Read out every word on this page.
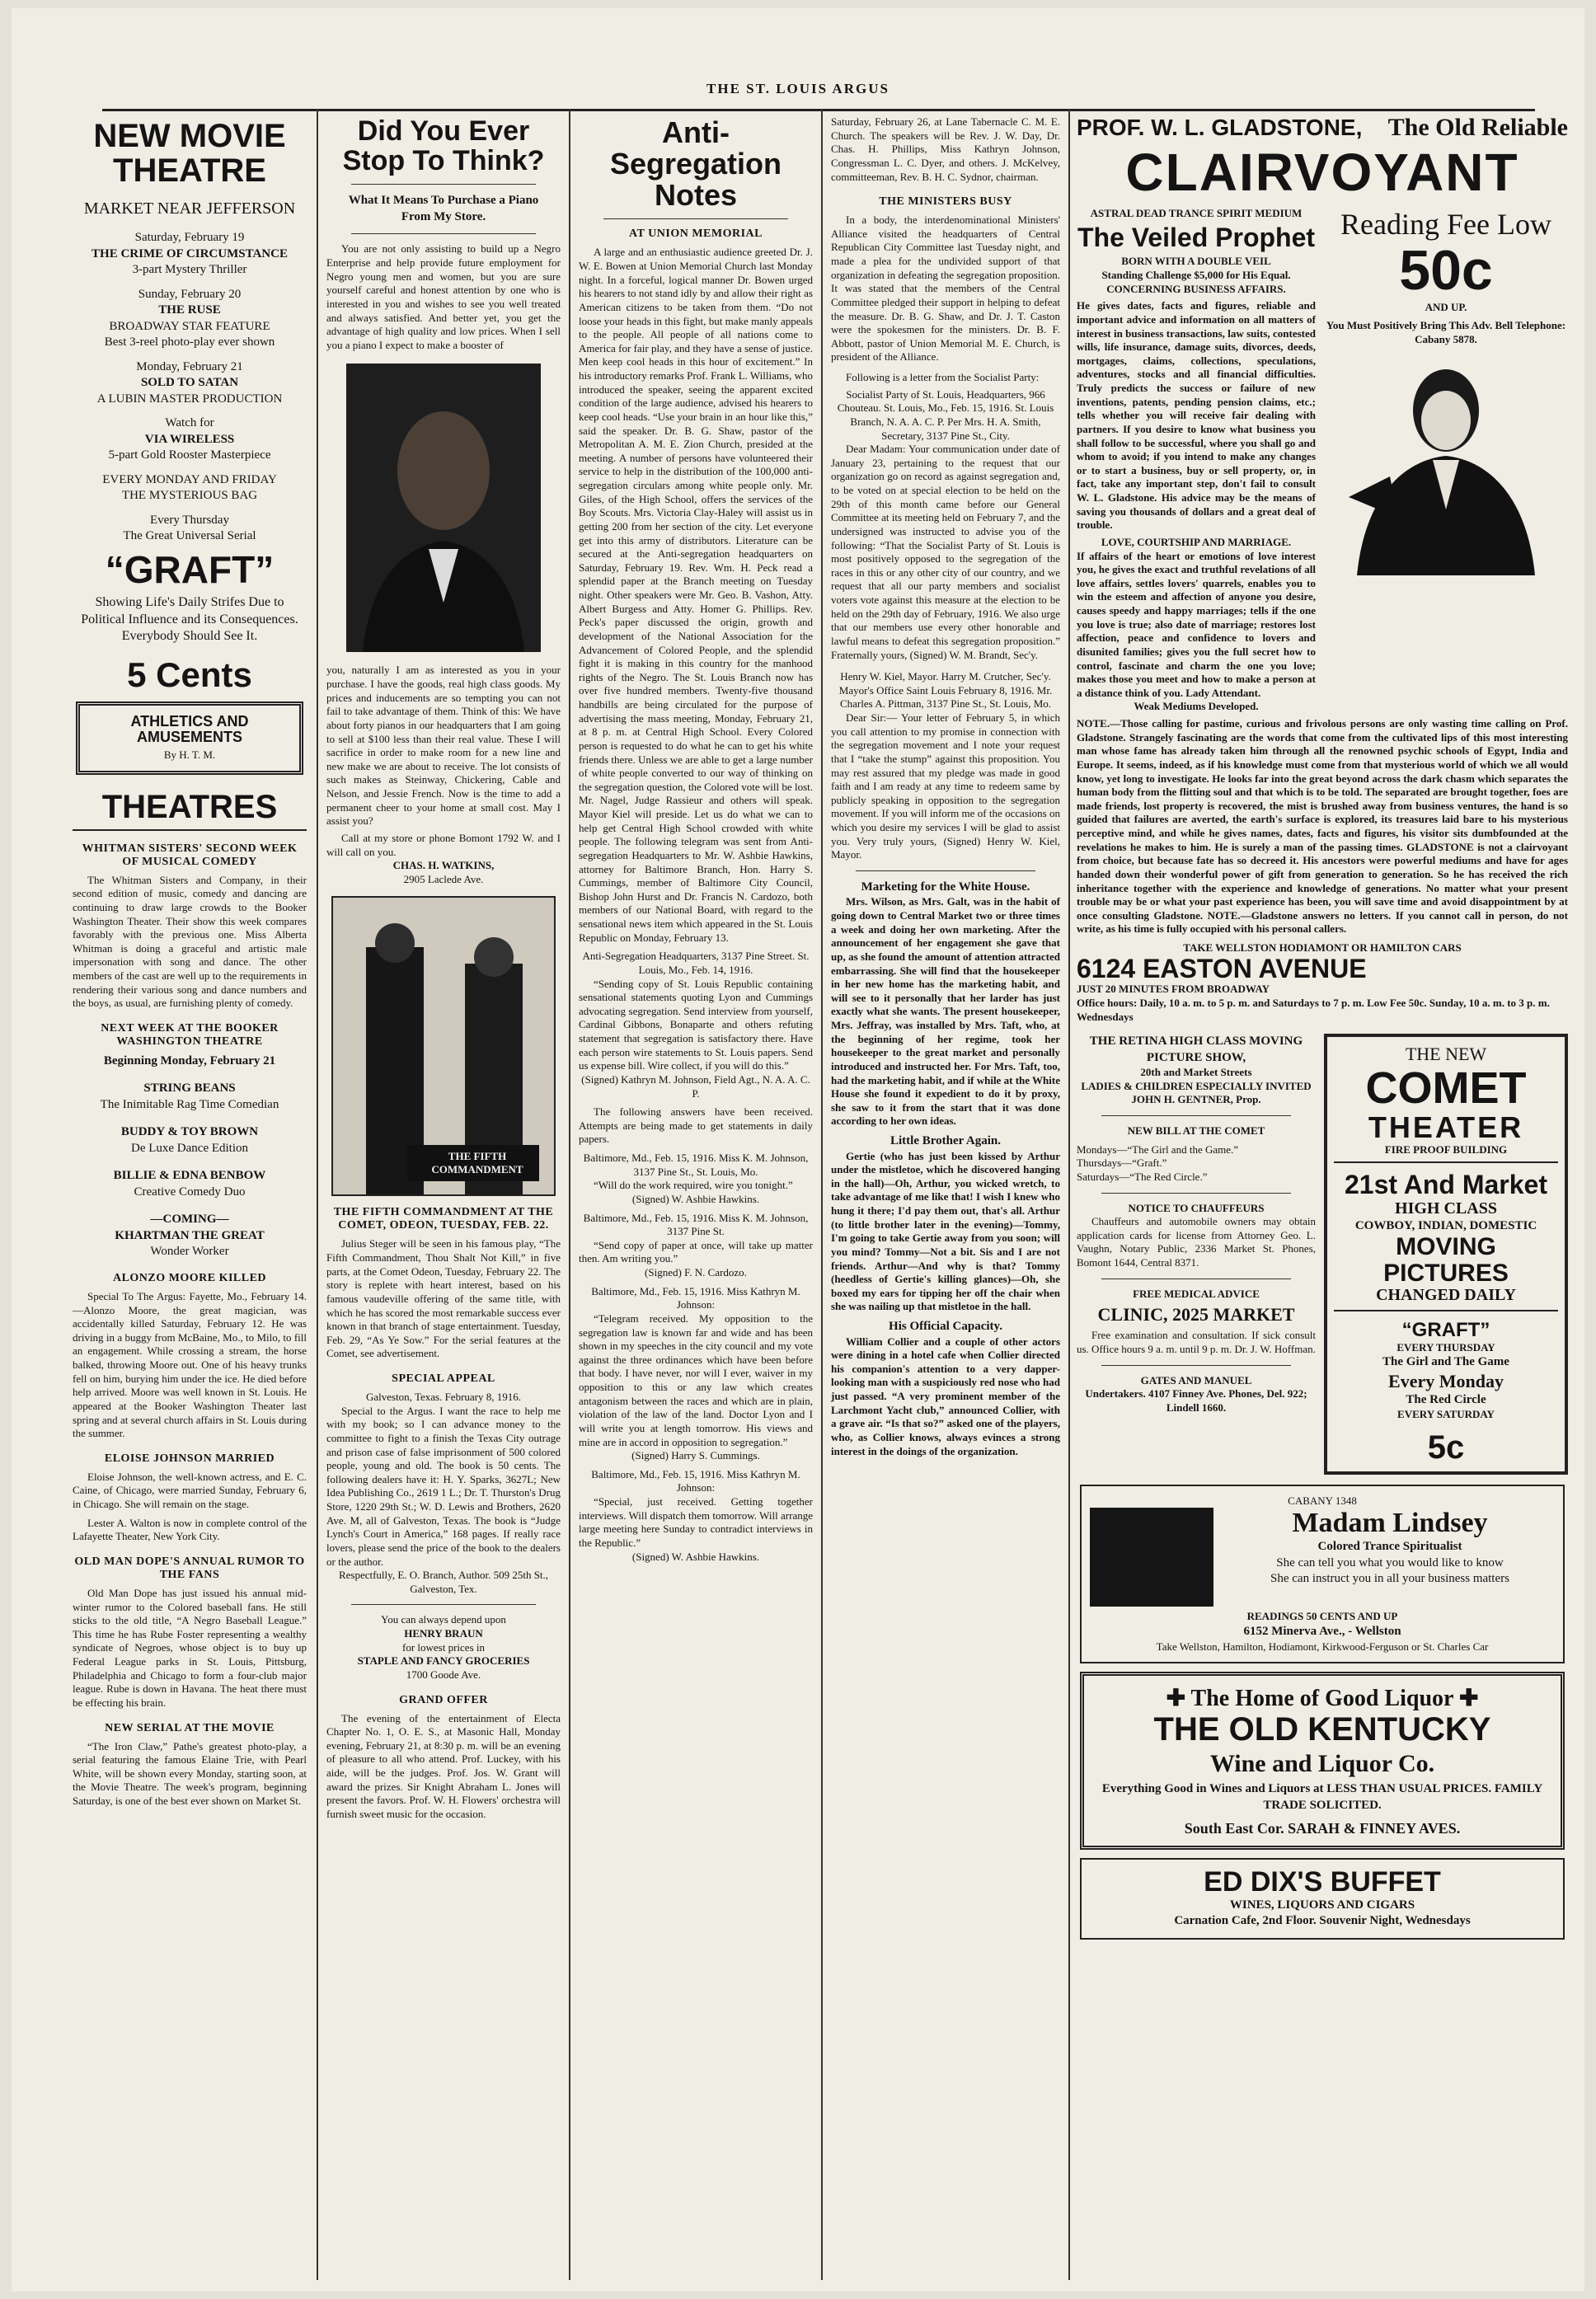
THE ST. LOUIS ARGUS
NEW MOVIE THEATRE
MARKET NEAR JEFFERSON
Saturday, February 19
THE CRIME OF CIRCUMSTANCE
3-part Mystery Thriller
Sunday, February 20
THE RUSE
BROADWAY STAR FEATURE
Best 3-reel photo-play ever shown
Monday, February 21
SOLD TO SATAN
A LUBIN MASTER PRODUCTION
Watch for
VIA WIRELESS
5-part Gold Rooster Masterpiece
EVERY MONDAY AND FRIDAY
THE MYSTERIOUS BAG
Every Thursday
The Great Universal Serial
“GRAFT”
Showing Life's Daily Strifes Due to Political Influence and its Consequences. Everybody Should See It.
5 Cents
ATHLETICS AND AMUSEMENTS
By H. T. M.
THEATRES
WHITMAN SISTERS' SECOND WEEK OF MUSICAL COMEDY
The Whitman Sisters and Company, in their second edition of music, comedy and dancing are continuing to draw large crowds to the Booker Washington Theater. Their show this week compares favorably with the previous one. Miss Alberta Whitman is doing a graceful and artistic male impersonation with song and dance. The other members of the cast are well up to the requirements in rendering their various song and dance numbers and the boys, as usual, are furnishing plenty of comedy.
NEXT WEEK AT THE BOOKER WASHINGTON THEATRE
Beginning Monday, February 21
STRING BEANS
The Inimitable Rag Time Comedian
BUDDY & TOY BROWN
De Luxe Dance Edition
BILLIE & EDNA BENBOW
Creative Comedy Duo
—COMING—
KHARTMAN THE GREAT
Wonder Worker
ALONZO MOORE KILLED
Special To The Argus: Fayette, Mo., February 14.—Alonzo Moore, the great magician, was accidentally killed Saturday, February 12. He was driving in a buggy from McBaine, Mo., to Milo, to fill an engagement. While crossing a stream, the horse balked, throwing Moore out. One of his heavy trunks fell on him, burying him under the ice. He died before help arrived. Moore was well known in St. Louis. He appeared at the Booker Washington Theater last spring and at several church affairs in St. Louis during the summer.
ELOISE JOHNSON MARRIED
Eloise Johnson, the well-known actress, and E. C. Caine, of Chicago, were married Sunday, February 6, in Chicago. She will remain on the stage.
Lester A. Walton is now in complete control of the Lafayette Theater, New York City.
OLD MAN DOPE'S ANNUAL RUMOR TO THE FANS
Old Man Dope has just issued his annual mid-winter rumor to the Colored baseball fans. He still sticks to the old title, “A Negro Baseball League.” This time he has Rube Foster representing a wealthy syndicate of Negroes, whose object is to buy up Federal League parks in St. Louis, Pittsburg, Philadelphia and Chicago to form a four-club major league. Rube is down in Havana. The heat there must be effecting his brain.
NEW SERIAL AT THE MOVIE
“The Iron Claw,” Pathe's greatest photo-play, a serial featuring the famous Elaine Trie, with Pearl White, will be shown every Monday, starting soon, at the Movie Theatre. The week's program, beginning Saturday, is one of the best ever shown on Market St.
Did You Ever Stop To Think?
What It Means To Purchase a Piano From My Store.
You are not only assisting to build up a Negro Enterprise and help provide future employment for Negro young men and women, but you are sure yourself careful and honest attention by one who is interested in you and wishes to see you well treated and always satisfied. And better yet, you get the advantage of high quality and low prices. When I sell you a piano I expect to make a booster of
you, naturally I am as interested as you in your purchase. I have the goods, real high class goods. My prices and inducements are so tempting you can not fail to take advantage of them. Think of this: We have about forty pianos in our headquarters that I am going to sell at $100 less than their real value. These I will sacrifice in order to make room for a new line and new make we are about to receive. The lot consists of such makes as Steinway, Chickering, Cable and Nelson, and Jessie French. Now is the time to add a permanent cheer to your home at small cost. May I assist you?
Call at my store or phone Bomont 1792 W. and I will call on you.
CHAS. H. WATKINS,
2905 Laclede Ave.
THE FIFTH COMMANDMENT
THE FIFTH COMMANDMENT AT THE COMET, ODEON, TUESDAY, FEB. 22.
Julius Steger will be seen in his famous play, “The Fifth Commandment, Thou Shalt Not Kill,” in five parts, at the Comet Odeon, Tuesday, February 22. The story is replete with heart interest, based on his famous vaudeville offering of the same title, with which he has scored the most remarkable success ever known in that branch of stage entertainment. Tuesday, Feb. 29, “As Ye Sow.” For the serial features at the Comet, see advertisement.
SPECIAL APPEAL
Galveston, Texas. February 8, 1916.
Special to the Argus. I want the race to help me with my book; so I can advance money to the committee to fight to a finish the Texas City outrage and prison case of false imprisonment of 500 colored people, young and old. The book is 50 cents. The following dealers have it: H. Y. Sparks, 3627L; New Idea Publishing Co., 2619 1 L.; Dr. T. Thurston's Drug Store, 1220 29th St.; W. D. Lewis and Brothers, 2620 Ave. M, all of Galveston, Texas. The book is “Judge Lynch's Court in America,” 168 pages. If really race lovers, please send the price of the book to the dealers or the author.
Respectfully, E. O. Branch, Author. 509 25th St., Galveston, Tex.
You can always depend upon
HENRY BRAUN
for lowest prices in
STAPLE AND FANCY GROCERIES
1700 Goode Ave.
GRAND OFFER
The evening of the entertainment of Electa Chapter No. 1, O. E. S., at Masonic Hall, Monday evening, February 21, at 8:30 p. m. will be an evening of pleasure to all who attend. Prof. Luckey, with his aide, will be the judges. Prof. Jos. W. Grant will award the prizes. Sir Knight Abraham L. Jones will present the favors. Prof. W. H. Flowers' orchestra will furnish sweet music for the occasion.
Anti-Segregation Notes
AT UNION MEMORIAL
A large and an enthusiastic audience greeted Dr. J. W. E. Bowen at Union Memorial Church last Monday night. In a forceful, logical manner Dr. Bowen urged his hearers to not stand idly by and allow their right as American citizens to be taken from them. “Do not loose your heads in this fight, but make manly appeals to the people. All people of all nations come to America for fair play, and they have a sense of justice. Men keep cool heads in this hour of excitement.” In his introductory remarks Prof. Frank L. Williams, who introduced the speaker, seeing the apparent excited condition of the large audience, advised his hearers to keep cool heads. “Use your brain in an hour like this,” said the speaker. Dr. B. G. Shaw, pastor of the Metropolitan A. M. E. Zion Church, presided at the meeting. A number of persons have volunteered their service to help in the distribution of the 100,000 anti-segregation circulars among white people only. Mr. Giles, of the High School, offers the services of the Boy Scouts. Mrs. Victoria Clay-Haley will assist us in getting 200 from her section of the city. Let everyone get into this army of distributors. Literature can be secured at the Anti-segregation headquarters on Saturday, February 19. Rev. Wm. H. Peck read a splendid paper at the Branch meeting on Tuesday night. Other speakers were Mr. Geo. B. Vashon, Atty. Albert Burgess and Atty. Homer G. Phillips. Rev. Peck's paper discussed the origin, growth and development of the National Association for the Advancement of Colored People, and the splendid fight it is making in this country for the manhood rights of the Negro. The St. Louis Branch now has over five hundred members. Twenty-five thousand handbills are being circulated for the purpose of advertising the mass meeting, Monday, February 21, at 8 p. m. at Central High School. Every Colored person is requested to do what he can to get his white friends there. Unless we are able to get a large number of white people converted to our way of thinking on the segregation question, the Colored vote will be lost. Mr. Nagel, Judge Rassieur and others will speak. Mayor Kiel will preside. Let us do what we can to help get Central High School crowded with white people. The following telegram was sent from Anti-segregation Headquarters to Mr. W. Ashbie Hawkins, attorney for Baltimore Branch, Hon. Harry S. Cummings, member of Baltimore City Council, Bishop John Hurst and Dr. Francis N. Cardozo, both members of our National Board, with regard to the sensational news item which appeared in the St. Louis Republic on Monday, February 13.
Anti-Segregation Headquarters, 3137 Pine Street. St. Louis, Mo., Feb. 14, 1916.
“Sending copy of St. Louis Republic containing sensational statements quoting Lyon and Cummings advocating segregation. Send interview from yourself, Cardinal Gibbons, Bonaparte and others refuting statement that segregation is satisfactory there. Have each person wire statements to St. Louis papers. Send us expense bill. Wire collect, if you will do this.”
(Signed) Kathryn M. Johnson, Field Agt., N. A. A. C. P.
The following answers have been received. Attempts are being made to get statements in daily papers.
Baltimore, Md., Feb. 15, 1916. Miss K. M. Johnson, 3137 Pine St., St. Louis, Mo.
“Will do the work required, wire you tonight.”
(Signed) W. Ashbie Hawkins.
Baltimore, Md., Feb. 15, 1916. Miss K. M. Johnson, 3137 Pine St.
“Send copy of paper at once, will take up matter then. Am writing you.”
(Signed) F. N. Cardozo.
Baltimore, Md., Feb. 15, 1916. Miss Kathryn M. Johnson:
“Telegram received. My opposition to the segregation law is known far and wide and has been shown in my speeches in the city council and my vote against the three ordinances which have been before that body. I have never, nor will I ever, waiver in my opposition to this or any law which creates antagonism between the races and which are in plain, violation of the law of the land. Doctor Lyon and I will write you at length tomorrow. His views and mine are in accord in opposition to segregation.”
(Signed) Harry S. Cummings.
Baltimore, Md., Feb. 15, 1916. Miss Kathryn M. Johnson:
“Special, just received. Getting together interviews. Will dispatch them tomorrow. Will arrange large meeting here Sunday to contradict interviews in the Republic.”
(Signed) W. Ashbie Hawkins.
Saturday, February 26, at Lane Tabernacle C. M. E. Church. The speakers will be Rev. J. W. Day, Dr. Chas. H. Phillips, Miss Kathryn Johnson, Congressman L. C. Dyer, and others. J. McKelvey, committeeman, Rev. B. H. C. Sydnor, chairman.
THE MINISTERS BUSY
In a body, the interdenominational Ministers' Alliance visited the headquarters of Central Republican City Committee last Tuesday night, and made a plea for the undivided support of that organization in defeating the segregation proposition. It was stated that the members of the Central Committee pledged their support in helping to defeat the measure. Dr. B. G. Shaw, and Dr. J. T. Caston were the spokesmen for the ministers. Dr. B. F. Abbott, pastor of Union Memorial M. E. Church, is president of the Alliance.
Following is a letter from the Socialist Party:
Socialist Party of St. Louis, Headquarters, 966 Chouteau. St. Louis, Mo., Feb. 15, 1916. St. Louis Branch, N. A. A. C. P. Per Mrs. H. A. Smith, Secretary, 3137 Pine St., City.
Dear Madam: Your communication under date of January 23, pertaining to the request that our organization go on record as against segregation and, to be voted on at special election to be held on the 29th of this month came before our General Committee at its meeting held on February 7, and the undersigned was instructed to advise you of the following: “That the Socialist Party of St. Louis is most positively opposed to the segregation of the races in this or any other city of our country, and we request that all our party members and socialist voters vote against this measure at the election to be held on the 29th day of February, 1916. We also urge that our members use every other honorable and lawful means to defeat this segregation proposition.” Fraternally yours, (Signed) W. M. Brandt, Sec'y.
Henry W. Kiel, Mayor. Harry M. Crutcher, Sec'y. Mayor's Office Saint Louis February 8, 1916. Mr. Charles A. Pittman, 3137 Pine St., St. Louis, Mo.
Dear Sir:— Your letter of February 5, in which you call attention to my promise in connection with the segregation movement and I note your request that I “take the stump” against this proposition. You may rest assured that my pledge was made in good faith and I am ready at any time to redeem same by publicly speaking in opposition to the segregation movement. If you will inform me of the occasions on which you desire my services I will be glad to assist you. Very truly yours, (Signed) Henry W. Kiel, Mayor.
Marketing for the White House.
Mrs. Wilson, as Mrs. Galt, was in the habit of going down to Central Market two or three times a week and doing her own marketing. After the announcement of her engagement she gave that up, as she found the amount of attention attracted embarrassing. She will find that the housekeeper in her new home has the marketing habit, and will see to it personally that her larder has just exactly what she wants. The present housekeeper, Mrs. Jeffray, was installed by Mrs. Taft, who, at the beginning of her regime, took her housekeeper to the great market and personally introduced and instructed her. For Mrs. Taft, too, had the marketing habit, and if while at the White House she found it expedient to do it by proxy, she saw to it from the start that it was done according to her own ideas.
Little Brother Again.
Gertie (who has just been kissed by Arthur under the mistletoe, which he discovered hanging in the hall)—Oh, Arthur, you wicked wretch, to take advantage of me like that! I wish I knew who hung it there; I'd pay them out, that's all. Arthur (to little brother later in the evening)—Tommy, I'm going to take Gertie away from you soon; will you mind? Tommy—Not a bit. Sis and I are not friends. Arthur—And why is that? Tommy (heedless of Gertie's killing glances)—Oh, she boxed my ears for tipping her off the chair when she was nailing up that mistletoe in the hall.
His Official Capacity.
William Collier and a couple of other actors were dining in a hotel cafe when Collier directed his companion's attention to a very dapper-looking man with a suspiciously red nose who had just passed. “A very prominent member of the Larchmont Yacht club,” announced Collier, with a grave air. “Is that so?” asked one of the players, who, as Collier knows, always evinces a strong interest in the doings of the organization.
PROF. W. L. GLADSTONE, The Old Reliable
CLAIRVOYANT
ASTRAL DEAD TRANCE SPIRIT MEDIUM
The Veiled Prophet
BORN WITH A DOUBLE VEIL
Standing Challenge $5,000 for His Equal. CONCERNING BUSINESS AFFAIRS.
He gives dates, facts and figures, reliable and important advice and information on all matters of interest in business transactions, law suits, contested wills, life insurance, damage suits, divorces, deeds, mortgages, claims, collections, speculations, adventures, stocks and all financial difficulties. Truly predicts the success or failure of new inventions, patents, pending pension claims, etc.; tells whether you will receive fair dealing with partners. If you desire to know what business you shall follow to be successful, where you shall go and whom to avoid; if you intend to make any changes or to start a business, buy or sell property, or, in fact, take any important step, don't fail to consult W. L. Gladstone. His advice may be the means of saving you thousands of dollars and a great deal of trouble.
LOVE, COURTSHIP AND MARRIAGE.
If affairs of the heart or emotions of love interest you, he gives the exact and truthful revelations of all love affairs, settles lovers' quarrels, enables you to win the esteem and affection of anyone you desire, causes speedy and happy marriages; tells if the one you love is true; also date of marriage; restores lost affection, peace and confidence to lovers and disunited families; gives you the full secret how to control, fascinate and charm the one you love; makes those you meet and how to make a person at a distance think of you. Lady Attendant.
Weak Mediums Developed.
Reading Fee Low
50c
AND UP.
You Must Positively Bring This Adv. Bell Telephone: Cabany 5878.
NOTE.—Those calling for pastime, curious and frivolous persons are only wasting time calling on Prof. Gladstone. Strangely fascinating are the words that come from the cultivated lips of this most interesting man whose fame has already taken him through all the renowned psychic schools of Egypt, India and Europe. It seems, indeed, as if his knowledge must come from that mysterious world of which we all would know, yet long to investigate. He looks far into the great beyond across the dark chasm which separates the human body from the flitting soul and that which is to be told. The separated are brought together, foes are made friends, lost property is recovered, the mist is brushed away from business ventures, the hand is so guided that failures are averted, the earth's surface is explored, its treasures laid bare to his mysterious perceptive mind, and while he gives names, dates, facts and figures, his visitor sits dumbfounded at the revelations he makes to him. He is surely a man of the passing times. GLADSTONE is not a clairvoyant from choice, but because fate has so decreed it. His ancestors were powerful mediums and have for ages handed down their wonderful power of gift from generation to generation. So he has received the rich inheritance together with the experience and knowledge of generations. No matter what your present trouble may be or what your past experience has been, you will save time and avoid disappointment by at once consulting Gladstone. NOTE.—Gladstone answers no letters. If you cannot call in person, do not write, as his time is fully occupied with his personal callers.
TAKE WELLSTON HODIAMONT OR HAMILTON CARS
6124 EASTON AVENUE
JUST 20 MINUTES FROM BROADWAY
Office hours: Daily, 10 a. m. to 5 p. m. and Saturdays to 7 p. m. Low Fee 50c. Sunday, 10 a. m. to 3 p. m. Wednesdays
THE RETINA HIGH CLASS MOVING PICTURE SHOW,
20th and Market Streets
LADIES & CHILDREN ESPECIALLY INVITED
JOHN H. GENTNER, Prop.
NEW BILL AT THE COMET
Mondays—“The Girl and the Game.”
Thursdays—“Graft.”
Saturdays—“The Red Circle.”
NOTICE TO CHAUFFEURS
Chauffeurs and automobile owners may obtain application cards for license from Attorney Geo. L. Vaughn, Notary Public, 2336 Market St. Phones, Bomont 1644, Central 8371.
FREE MEDICAL ADVICE
CLINIC, 2025 MARKET
Free examination and consultation. If sick consult us. Office hours 9 a. m. until 9 p. m. Dr. J. W. Hoffman.
GATES AND MANUEL
Undertakers. 4107 Finney Ave. Phones, Del. 922; Lindell 1660.
THE NEW
COMET
THEATER
FIRE PROOF BUILDING
21st And Market
HIGH CLASS
COWBOY, INDIAN, DOMESTIC
MOVING PICTURES
CHANGED DAILY
“GRAFT”
EVERY THURSDAY
The Girl and The Game
Every Monday
The Red Circle
EVERY SATURDAY
5c
CABANY 1348
Madam Lindsey
Colored Trance Spiritualist
She can tell you what you would like to know
She can instruct you in all your business matters
READINGS 50 CENTS AND UP
6152 Minerva Ave., - Wellston
Take Wellston, Hamilton, Hodiamont, Kirkwood-Ferguson or St. Charles Car
✚ The Home of Good Liquor ✚
THE OLD KENTUCKY
Wine and Liquor Co.
Everything Good in Wines and Liquors at LESS THAN USUAL PRICES. FAMILY TRADE SOLICITED.
South East Cor. SARAH & FINNEY AVES.
ED DIX'S BUFFET
WINES, LIQUORS AND CIGARS
Carnation Cafe, 2nd Floor. Souvenir Night, Wednesdays
